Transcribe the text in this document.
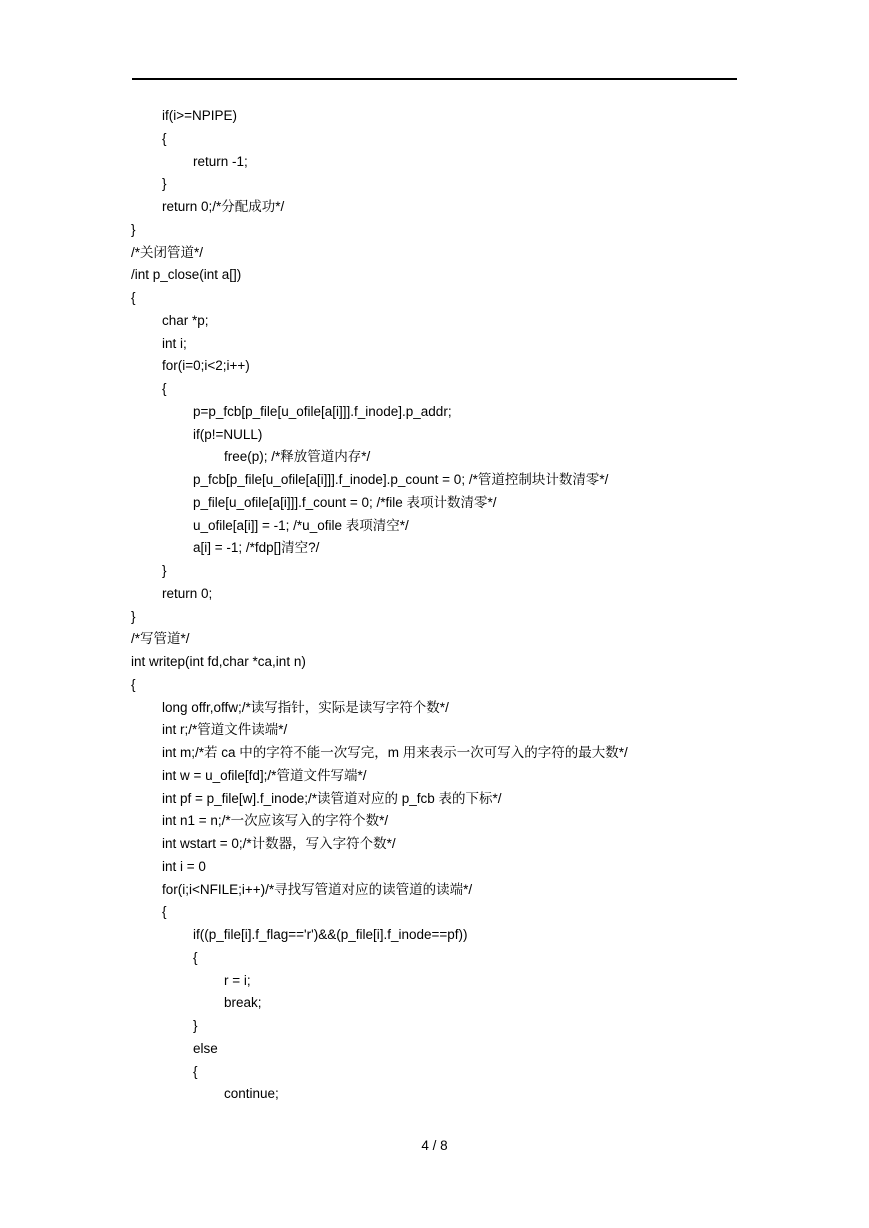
if(i>=NPIPE)
{
return -1;
}
return 0;/*分配成功*/
}
/*关闭管道*/
/int p_close(int a[])
{
char *p;
int i;
for(i=0;i<2;i++)
{
p=p_fcb[p_file[u_ofile[a[i]]].f_inode].p_addr;
if(p!=NULL)
free(p); /*释放管道内存*/
p_fcb[p_file[u_ofile[a[i]]].f_inode].p_count = 0; /*管道控制块计数清零*/
p_file[u_ofile[a[i]]].f_count = 0; /*file 表项计数清零*/
u_ofile[a[i]] = -1; /*u_ofile 表项清空*/
a[i] = -1; /*fdp[]清空?/
}
return 0;
}
/*写管道*/
int writep(int fd,char *ca,int n)
{
long offr,offw;/*读写指针，实际是读写字符个数*/
int r;/*管道文件读端*/
int m;/*若 ca 中的字符不能一次写完，m 用来表示一次可写入的字符的最大数*/
int w = u_ofile[fd];/*管道文件写端*/
int pf = p_file[w].f_inode;/*读管道对应的 p_fcb 表的下标*/
int n1 = n;/*一次应该写入的字符个数*/
int wstart = 0;/*计数器，写入字符个数*/
int i = 0
for(i;i<NFILE;i++)/*寻找写管道对应的读管道的读端*/
{
if((p_file[i].f_flag=='r')&&(p_file[i].f_inode==pf))
{
r = i;
break;
}
else
{
continue;
4 / 8
